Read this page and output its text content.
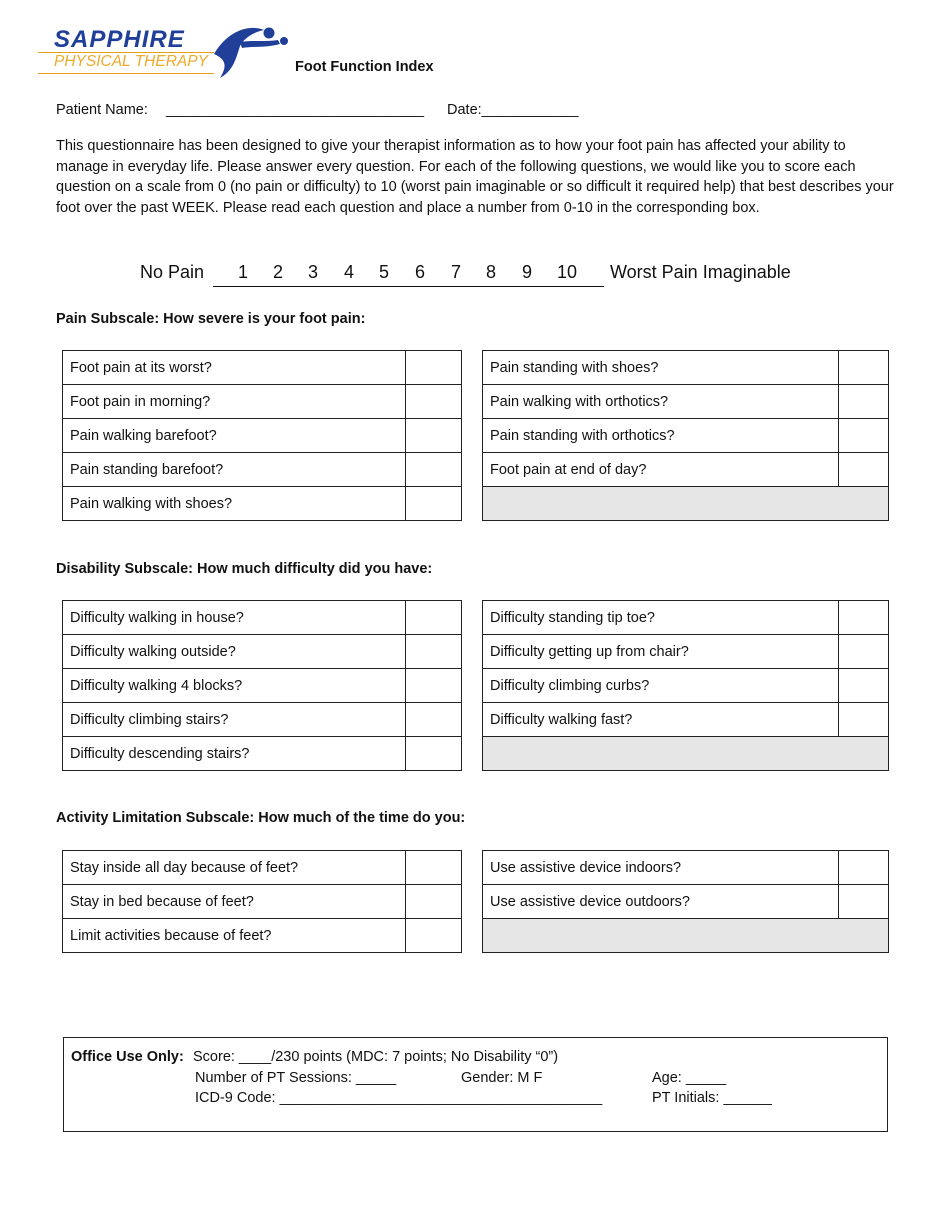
SAPPHIRE
PHYSICAL THERAPY	Foot Function Index
Patient Name: ________________________________ Date:____________
This questionnaire has been designed to give your therapist information as to how your foot pain has affected your ability to manage in everyday life. Please answer every question. For each of the following questions, we would like you to score each question on a scale from 0 (no pain or difficulty) to 10 (worst pain imaginable or so difficult it required help) that best describes your foot over the past WEEK. Please read each question and place a number from 0-10 in the corresponding box.
No Pain 1 2 3 4 5 6 7 8 9 10 Worst Pain Imaginable
Pain Subscale: How severe is your foot pain:
Foot pain at its worst?	
Foot pain in morning?	
Pain walking barefoot?	
Pain standing barefoot?	
Pain walking with shoes?	
Pain standing with shoes?	
Pain walking with orthotics?	
Pain standing with orthotics?	
Foot pain at end of day?	

Disability Subscale: How much difficulty did you have:
Difficulty walking in house?	
Difficulty walking outside?	
Difficulty walking 4 blocks?	
Difficulty climbing stairs?	
Difficulty descending stairs?	
Difficulty standing tip toe?	
Difficulty getting up from chair?	
Difficulty climbing curbs?	
Difficulty walking fast?	

Activity Limitation Subscale: How much of the time do you:
Stay inside all day because of feet?	
Stay in bed because of feet?	
Limit activities because of feet?	
Use assistive device indoors?	
Use assistive device outdoors?	

Office Use Only: Score: ____/230 points (MDC: 7 points; No Disability “0”)
Number of PT Sessions: _____	Gender: M F	Age: _____
ICD-9 Code: ________________________________________	PT Initials: ______
